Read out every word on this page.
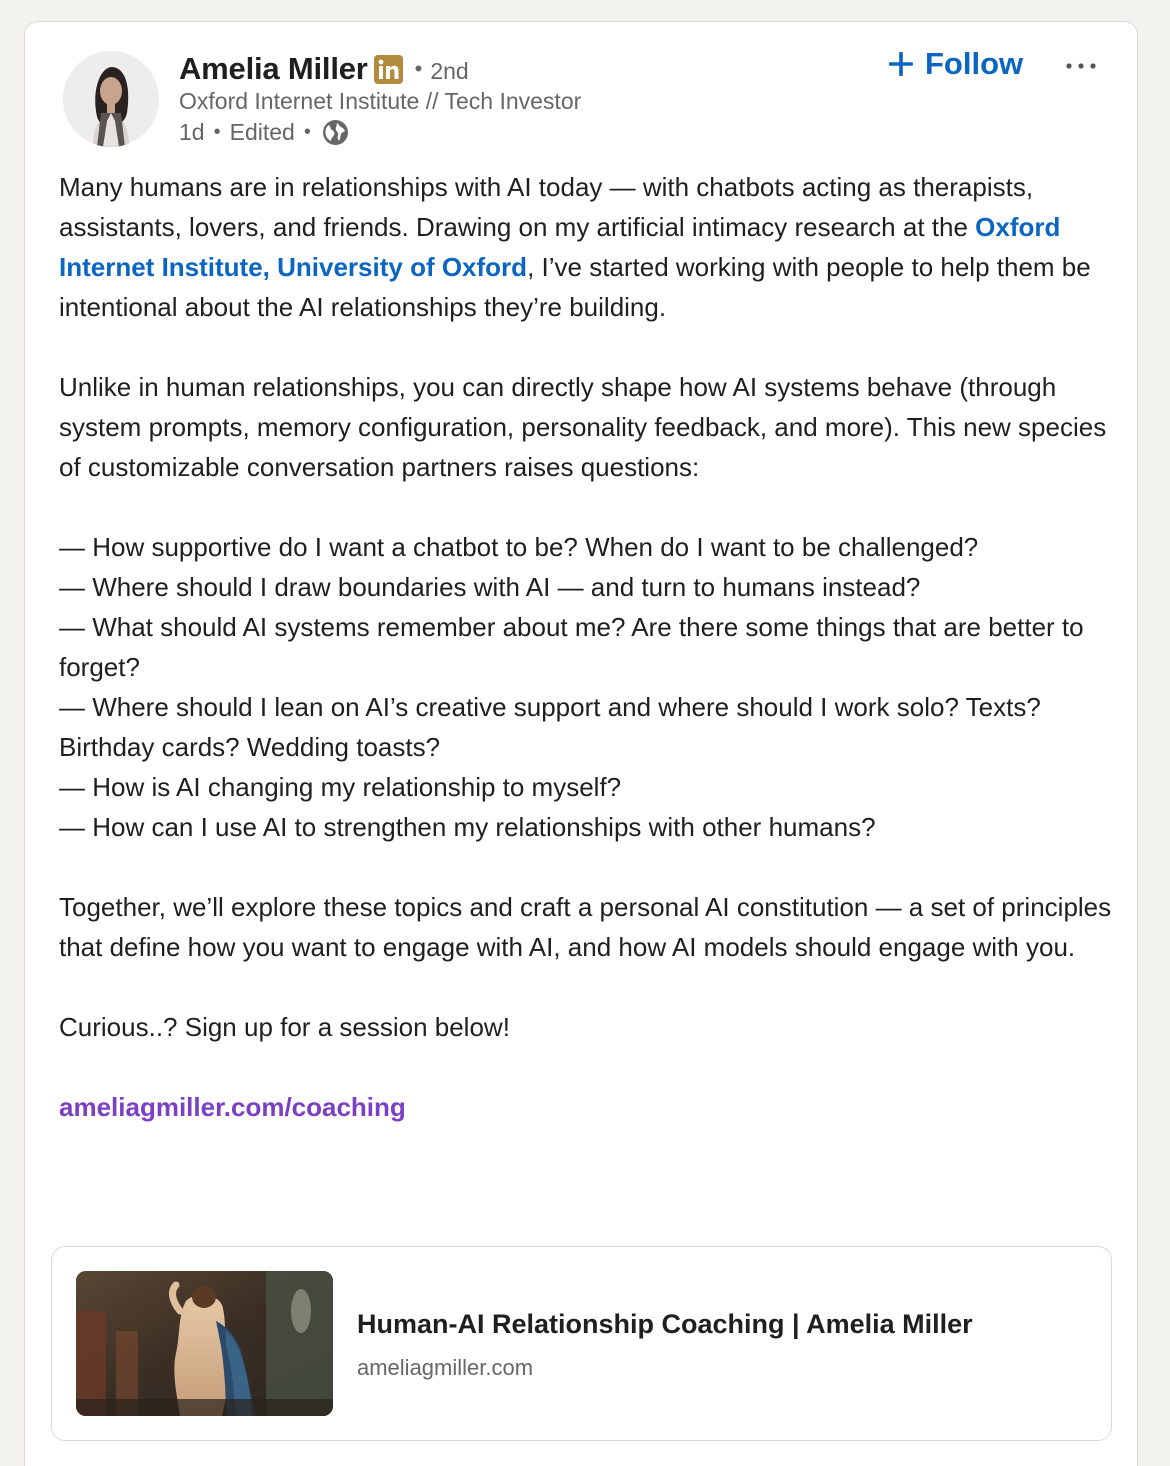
Amelia Miller • 2nd
Oxford Internet Institute // Tech Investor
1d • Edited •
Follow

Many humans are in relationships with AI today — with chatbots acting as therapists, assistants, lovers, and friends. Drawing on my artificial intimacy research at the Oxford Internet Institute, University of Oxford, I’ve started working with people to help them be intentional about the AI relationships they’re building.

Unlike in human relationships, you can directly shape how AI systems behave (through system prompts, memory configuration, personality feedback, and more). This new species of customizable conversation partners raises questions:

— How supportive do I want a chatbot to be? When do I want to be challenged?

— Where should I draw boundaries with AI — and turn to humans instead?

— What should AI systems remember about me? Are there some things that are better to forget?

— Where should I lean on AI’s creative support and where should I work solo? Texts? Birthday cards? Wedding toasts?

— How is AI changing my relationship to myself?

— How can I use AI to strengthen my relationships with other humans?

Together, we’ll explore these topics and craft a personal AI constitution — a set of principles that define how you want to engage with AI, and how AI models should engage with you.

Curious..? Sign up for a session below!

ameliagmiller.com/coaching

Human-AI Relationship Coaching | Amelia Miller
ameliagmiller.com
